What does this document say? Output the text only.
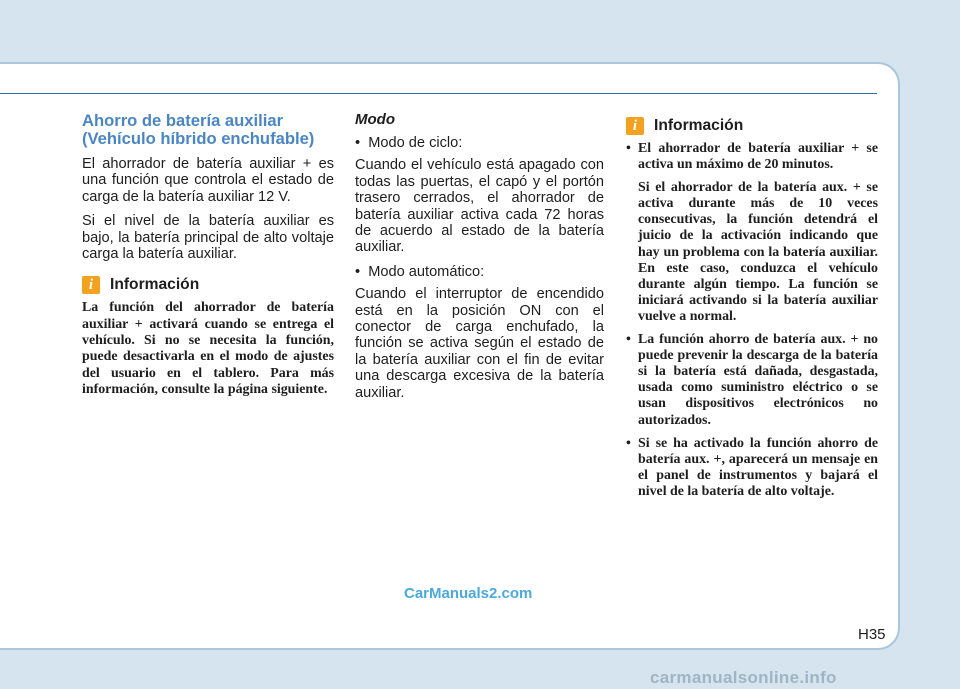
Ahorro de batería auxiliar
(Vehículo híbrido enchufable)

El ahorrador de batería auxiliar + es una función que controla el estado de carga de la batería auxiliar 12 V.

Si el nivel de la batería auxiliar es bajo, la batería principal de alto voltaje carga la batería auxiliar.

i	Información

La función del ahorrador de batería auxiliar + activará cuando se entrega el vehículo. Si no se necesita la función, puede desactivarla en el modo de ajustes del usuario en el tablero. Para más información, consulte la página siguiente.

Modo
•  Modo de ciclo:

Cuando el vehículo está apagado con todas las puertas, el capó y el portón trasero cerrados, el ahorrador de batería auxiliar activa cada 72 horas de acuerdo al estado de la batería auxiliar.

•  Modo automático:

Cuando el interruptor de encendido está en la posición ON con el conector de carga enchufado, la función se activa según el estado de la batería auxiliar con el fin de evitar una descarga excesiva de la batería auxiliar.

i	Información
• El ahorrador de batería auxiliar + se activa un máximo de 20 minutos.
Si el ahorrador de la batería aux. + se activa durante más de 10 veces consecutivas, la función detendrá el juicio de la activación indicando que hay un problema con la batería auxiliar. En este caso, conduzca el vehículo durante algún tiempo. La función se iniciará activando si la batería auxiliar vuelve a normal.
• La función ahorro de batería aux. + no puede prevenir la descarga de la batería si la batería está dañada, desgastada, usada como suministro eléctrico o se usan dispositivos electrónicos no autorizados.
• Si se ha activado la función ahorro de batería aux. +, aparecerá un mensaje en el panel de instrumentos y bajará el nivel de la batería de alto voltaje.
CarManuals2.com
H35
carmanualsonline.info
